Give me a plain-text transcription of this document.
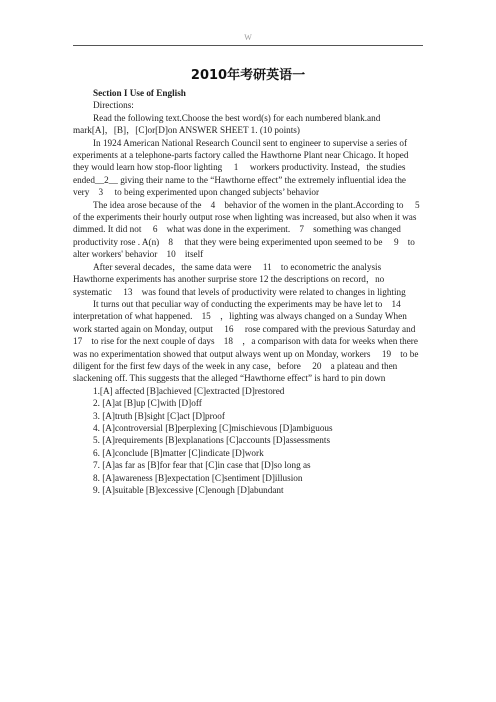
W
2010年考研英语一

Section I Use of English

Directions:

Read the following text.Choose the best word(s) for each numbered blank.and mark[A]，[B]，[C]or[D]on ANSWER SHEET 1. (10 points)

In 1924 American National Research Council sent to engineer to supervise a series of experiments at a telephone-parts factory called the Hawthorne Plant near Chicago. It hoped they would learn how stop-floor lighting 　1　 workers productivity. Instead，the studies ended__2__ giving their name to the “Hawthorne effect” the extremely influential idea the very　3　 to being experimented upon changed subjects’ behavior

The idea arose because of the　4　behavior of the women in the plant.According to　 5　of the experiments their hourly output rose when lighting was increased, but also when it was dimmed. It did not　 6　what was done in the experiment.　7　something was changed productivity rose . A(n)　8　 that they were being experimented upon seemed to be　 9　to alter workers' behavior　10　itself

After several decades，the same data were　 11　to econometric the analysis Hawthorne experiments has another surprise store 12 the descriptions on record，no systematic　 13　was found that levels of productivity were related to changes in lighting

It turns out that peculiar way of conducting the experiments may be have let to　14　interpretation of what happened.　15　，lighting was always changed on a Sunday When work started again on Monday, output　 16　 rose compared with the previous Saturday and　 17　to rise for the next couple of days　18　，a comparison with data for weeks when there was no experimentation showed that output always went up on Monday, workers　 19　to be diligent for the first few days of the week in any case，before　 20　a plateau and then slackening off. This suggests that the alleged “Hawthorne effect” is hard to pin down

1.[A] affected [B]achieved [C]extracted [D]restored
2. [A]at [B]up [C]with [D]off
3. [A]truth [B]sight [C]act [D]proof
4. [A]controversial [B]perplexing [C]mischievous [D]ambiguous
5. [A]requirements [B]explanations [C]accounts [D]assessments
6. [A]conclude [B]matter [C]indicate [D]work
7. [A]as far as [B]for fear that [C]in case that [D]so long as
8. [A]awareness [B]expectation [C]sentiment [D]illusion
9. [A]suitable [B]excessive [C]enough [D]abundant
